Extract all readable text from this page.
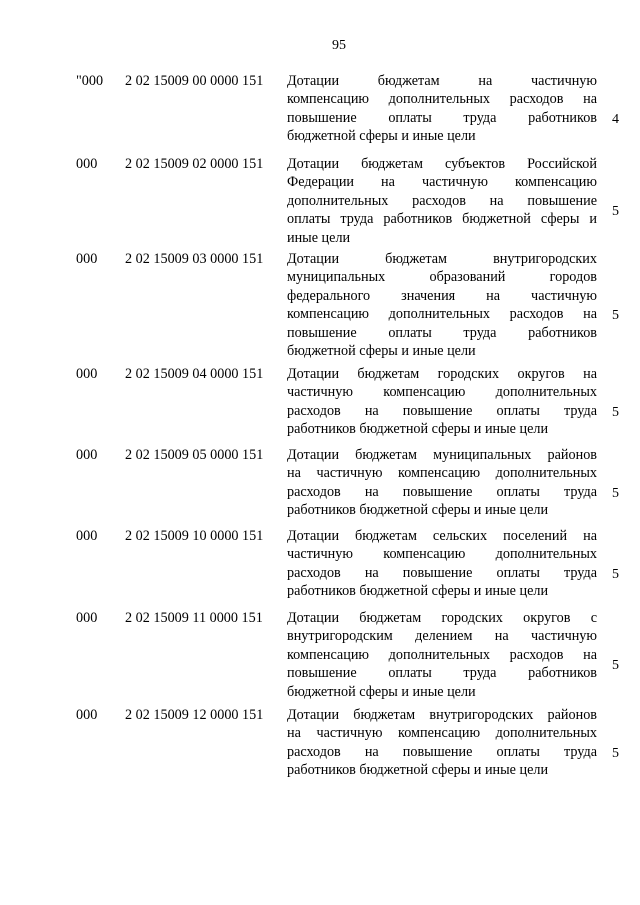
95
"000 2 02 15009 00 0000 151 Дотации бюджетам на частичную
компенсацию дополнительных расходов на
повышение оплаты труда работников
бюджетной сферы и иные цели
4
000 2 02 15009 02 0000 151 Дотации бюджетам субъектов Российской
Федерации на частичную компенсацию
дополнительных расходов на повышение
оплаты труда работников бюджетной сферы и
иные цели
5
000 2 02 15009 03 0000 151 Дотации бюджетам внутригородских
муниципальных образований городов
федерального значения на частичную
компенсацию дополнительных расходов на
повышение оплаты труда работников
бюджетной сферы и иные цели
5
000 2 02 15009 04 0000 151 Дотации бюджетам городских округов на
частичную компенсацию дополнительных
расходов на повышение оплаты труда
работников бюджетной сферы и иные цели
5
000 2 02 15009 05 0000 151 Дотации бюджетам муниципальных районов
на частичную компенсацию дополнительных
расходов на повышение оплаты труда
работников бюджетной сферы и иные цели
5
000 2 02 15009 10 0000 151 Дотации бюджетам сельских поселений на
частичную компенсацию дополнительных
расходов на повышение оплаты труда
работников бюджетной сферы и иные цели
5
000 2 02 15009 11 0000 151 Дотации бюджетам городских округов с
внутригородским делением на частичную
компенсацию дополнительных расходов на
повышение оплаты труда работников
бюджетной сферы и иные цели
5
000 2 02 15009 12 0000 151 Дотации бюджетам внутригородских районов
на частичную компенсацию дополнительных
расходов на повышение оплаты труда
работников бюджетной сферы и иные цели
5
